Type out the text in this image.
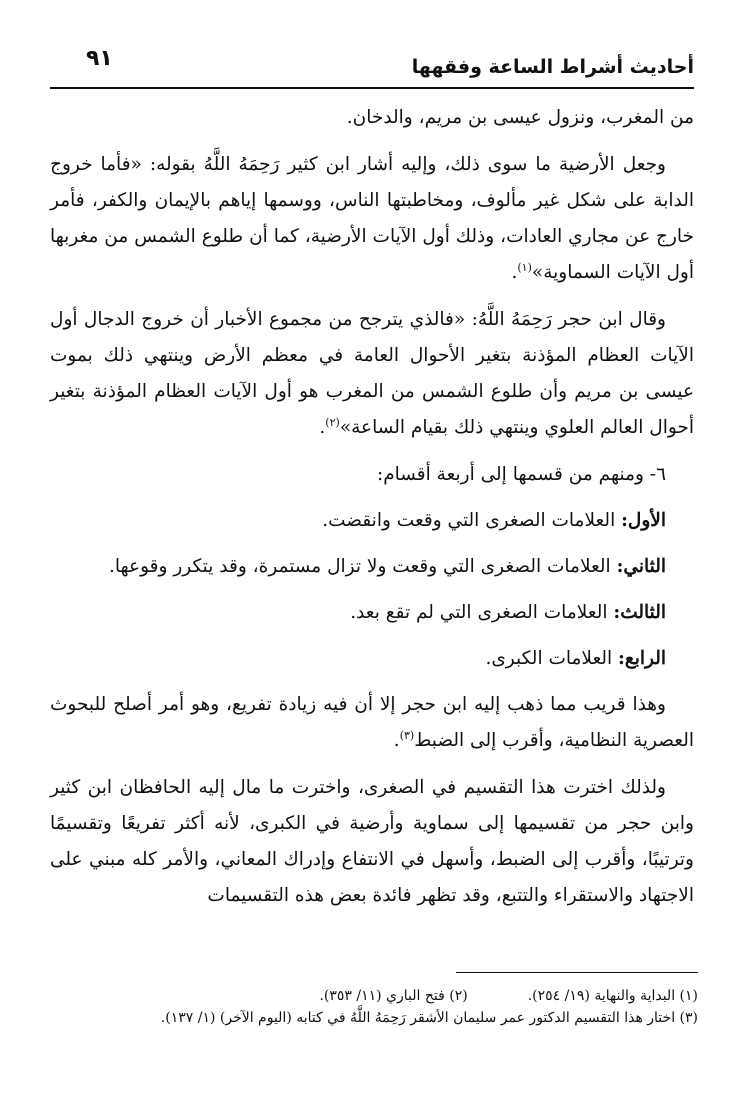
أحاديث أشراط الساعة وفقهها
٩١

من المغرب، ونزول عيسى بن مريم، والدخان.

وجعل الأرضية ما سوى ذلك، وإليه أشار ابن كثير رَحِمَهُ اللَّهُ بقوله: «فأما خروج الدابة على شكل غير مألوف، ومخاطبتها الناس، ووسمها إياهم بالإيمان والكفر، فأمر خارج عن مجاري العادات، وذلك أول الآيات الأرضية، كما أن طلوع الشمس من مغربها أول الآيات السماوية»$^{(١)}$.

وقال ابن حجر رَحِمَهُ اللَّهُ: «فالذي يترجح من مجموع الأخبار أن خروج الدجال أول الآيات العظام المؤذنة بتغير الأحوال العامة في معظم الأرض وينتهي ذلك بموت عيسى بن مريم وأن طلوع الشمس من المغرب هو أول الآيات العظام المؤذنة بتغير أحوال العالم العلوي وينتهي ذلك بقيام الساعة»$^{(٢)}$.

٦- ومنهم من قسمها إلى أربعة أقسام:

الأول: العلامات الصغرى التي وقعت وانقضت.

الثاني: العلامات الصغرى التي وقعت ولا تزال مستمرة، وقد يتكرر وقوعها.

الثالث: العلامات الصغرى التي لم تقع بعد.

الرابع: العلامات الكبرى.

وهذا قريب مما ذهب إليه ابن حجر إلا أن فيه زيادة تفريع، وهو أمر أصلح للبحوث العصرية النظامية، وأقرب إلى الضبط$^{(٣)}$.

ولذلك اخترت هذا التقسيم في الصغرى، واخترت ما مال إليه الحافظان ابن كثير وابن حجر من تقسيمها إلى سماوية وأرضية في الكبرى، لأنه أكثر تفريعًا وتقسيمًا وترتيبًا، وأقرب إلى الضبط، وأسهل في الانتفاع وإدراك المعاني، والأمر كله مبني على الاجتهاد والاستقراء والتتبع، وقد تظهر فائدة بعض هذه التقسيمات

(١) البداية والنهاية (١٩/ ٢٥٤).(٢) فتح الباري (١١/ ٣٥٣).
(٣) اختار هذا التقسيم الدكتور عمر سليمان الأشقر رَحِمَهُ اللَّهُ في كتابه (اليوم الآخر) (١/ ١٣٧).
